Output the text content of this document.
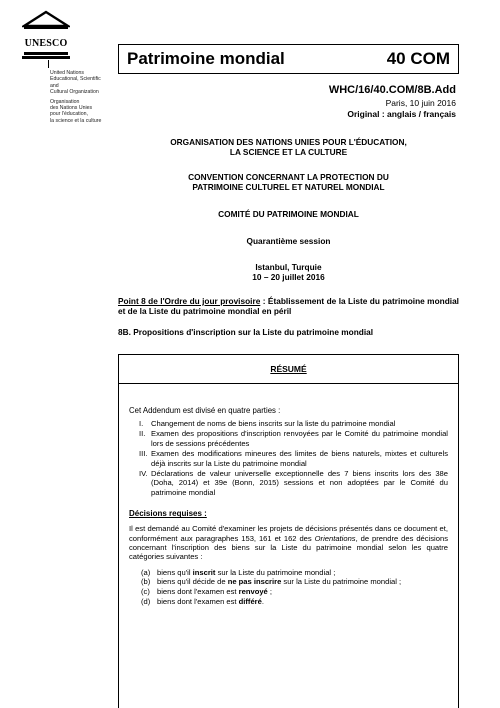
UNESCO

United Nations

Educational, Scientific and

Cultural Organization

Organisation

des Nations Unies

pour l'éducation,

la science et la culture

Patrimoine mondial	40 COM
WHC/16/40.COM/8B.Add
Paris, 10 juin 2016
Original : anglais / français
ORGANISATION DES NATIONS UNIES POUR L'ÉDUCATION,
LA SCIENCE ET LA CULTURE
CONVENTION CONCERNANT LA PROTECTION DU
PATRIMOINE CULTUREL ET NATUREL MONDIAL
COMITÉ DU PATRIMOINE MONDIAL
Quarantième session
Istanbul, Turquie
10 – 20 juillet 2016
Point 8 de l'Ordre du jour provisoire : Établissement de la Liste du patrimoine mondial et de la Liste du patrimoine mondial en péril
8B. Propositions d'inscription sur la Liste du patrimoine mondial
RÉSUMÉ
Cet Addendum est divisé en quatre parties :
I.	Changement de noms de biens inscrits sur la liste du patrimoine mondial
II. Examen des propositions d'inscription renvoyées par le Comité du patrimoine mondial lors de sessions précédentes
III. Examen des modifications mineures des limites de biens naturels, mixtes et culturels déjà inscrits sur la Liste du patrimoine mondial
IV. Déclarations de valeur universelle exceptionnelle des 7 biens inscrits lors des 38e (Doha, 2014) et 39e (Bonn, 2015) sessions et non adoptées par le Comité du patrimoine mondial
Décisions requises :
Il est demandé au Comité d'examiner les projets de décisions présentés dans ce document et, conformément aux paragraphes 153, 161 et 162 des Orientations, de prendre des décisions concernant l'inscription des biens sur la Liste du patrimoine mondial selon les quatre catégories suivantes :
(a) biens qu'il inscrit sur la Liste du patrimoine mondial ;
(b) biens qu'il décide de ne pas inscrire sur la Liste du patrimoine mondial ;
(c) biens dont l'examen est renvoyé ;
(d) biens dont l'examen est différé.
